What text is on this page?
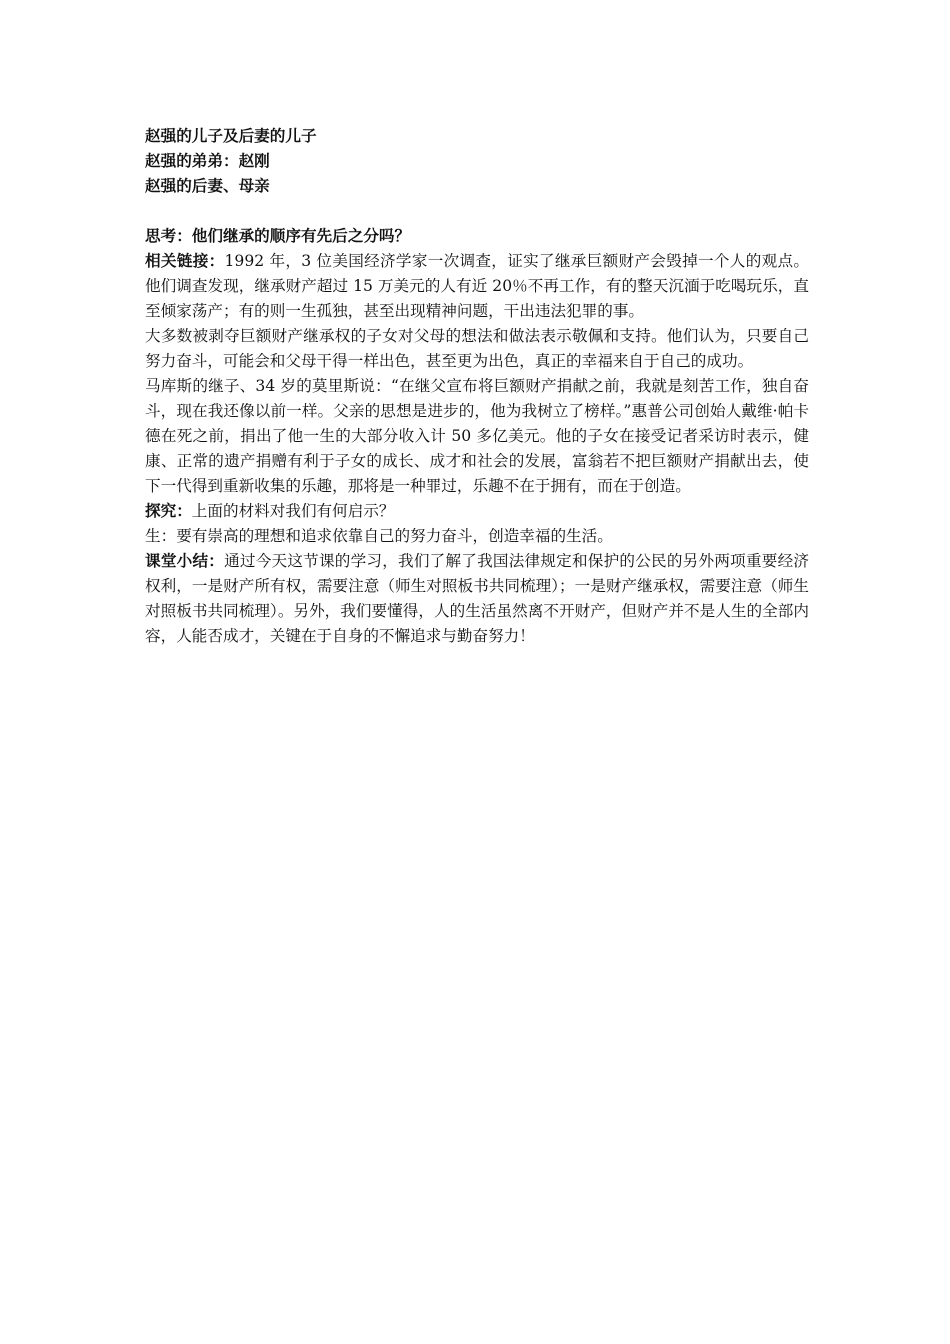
赵强的儿子及后妻的儿子
赵强的弟弟：赵刚
赵强的后妻、母亲
思考：他们继承的顺序有先后之分吗？

相关链接：1992 年，3 位美国经济学家一次调查，证实了继承巨额财产会毁掉一个人的观点。他们调查发现，继承财产超过 15 万美元的人有近 20％不再工作，有的整天沉湎于吃喝玩乐，直至倾家荡产；有的则一生孤独，甚至出现精神问题，干出违法犯罪的事。

大多数被剥夺巨额财产继承权的子女对父母的想法和做法表示敬佩和支持。他们认为，只要自己努力奋斗，可能会和父母干得一样出色，甚至更为出色，真正的幸福来自于自己的成功。

马库斯的继子、34 岁的莫里斯说：“在继父宣布将巨额财产捐献之前，我就是刻苦工作，独自奋斗，现在我还像以前一样。父亲的思想是进步的，他为我树立了榜样。”惠普公司创始人戴维·帕卡德在死之前，捐出了他一生的大部分收入计 50 多亿美元。他的子女在接受记者采访时表示，健康、正常的遗产捐赠有利于子女的成长、成才和社会的发展，富翁若不把巨额财产捐献出去，使下一代得到重新收集的乐趣，那将是一种罪过，乐趣不在于拥有，而在于创造。

探究：上面的材料对我们有何启示？

生：要有崇高的理想和追求依靠自己的努力奋斗，创造幸福的生活。

课堂小结：通过今天这节课的学习，我们了解了我国法律规定和保护的公民的另外两项重要经济权利，一是财产所有权，需要注意（师生对照板书共同梳理）；一是财产继承权，需要注意（师生对照板书共同梳理）。另外，我们要懂得，人的生活虽然离不开财产，但财产并不是人生的全部内容，人能否成才，关键在于自身的不懈追求与勤奋努力！
